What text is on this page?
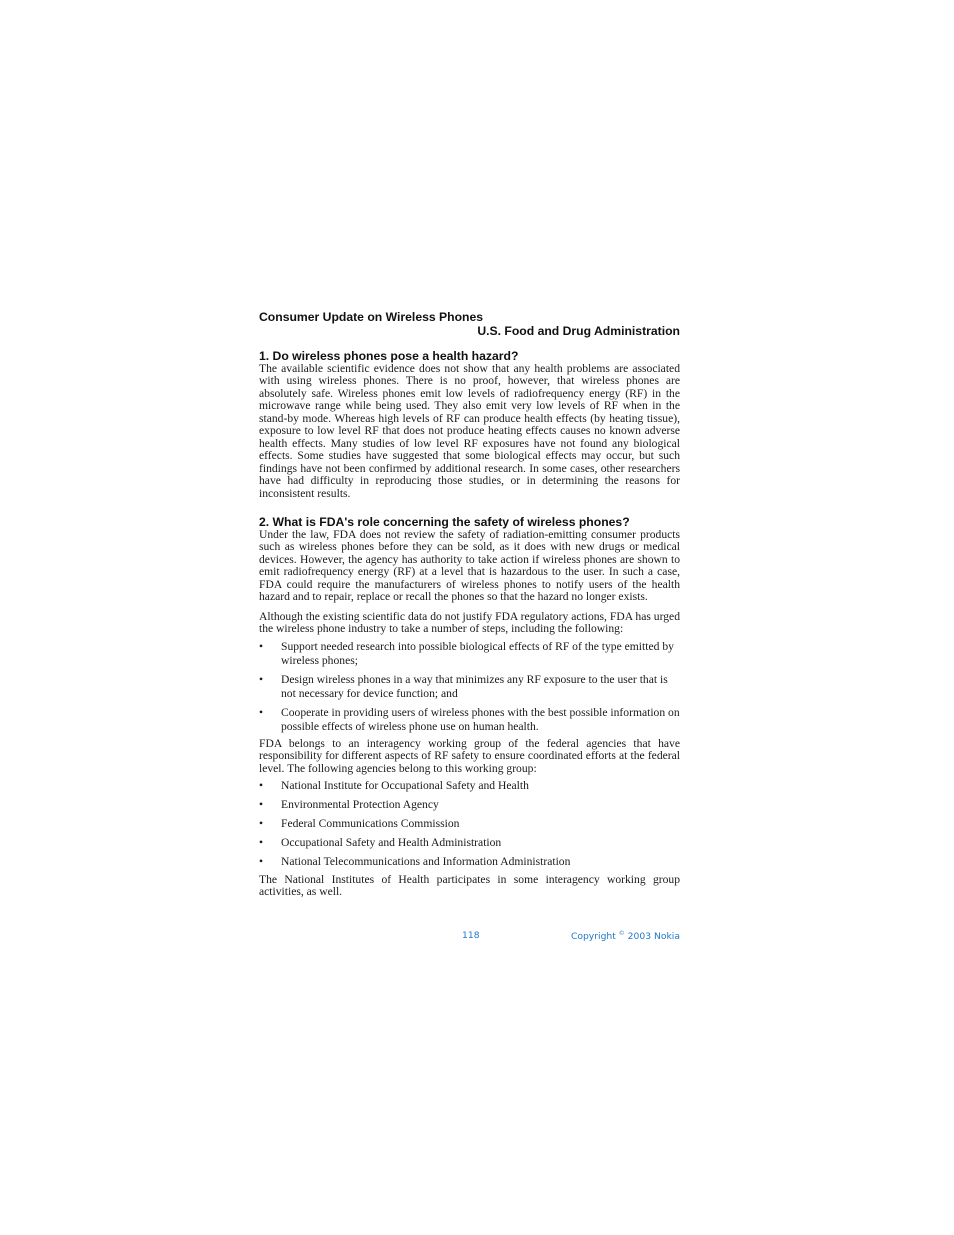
Consumer Update on Wireless Phones

U.S. Food and Drug Administration

1. Do wireless phones pose a health hazard?

The available scientific evidence does not show that any health problems are associated with using wireless phones. There is no proof, however, that wireless phones are absolutely safe. Wireless phones emit low levels of radiofrequency energy (RF) in the microwave range while being used. They also emit very low levels of RF when in the stand-by mode. Whereas high levels of RF can produce health effects (by heating tissue), exposure to low level RF that does not produce heating effects causes no known adverse health effects. Many studies of low level RF exposures have not found any biological effects. Some studies have suggested that some biological effects may occur, but such findings have not been confirmed by additional research. In some cases, other researchers have had difficulty in reproducing those studies, or in determining the reasons for inconsistent results.

2. What is FDA's role concerning the safety of wireless phones?

Under the law, FDA does not review the safety of radiation-emitting consumer products such as wireless phones before they can be sold, as it does with new drugs or medical devices. However, the agency has authority to take action if wireless phones are shown to emit radiofrequency energy (RF) at a level that is hazardous to the user. In such a case, FDA could require the manufacturers of wireless phones to notify users of the health hazard and to repair, replace or recall the phones so that the hazard no longer exists.

Although the existing scientific data do not justify FDA regulatory actions, FDA has urged the wireless phone industry to take a number of steps, including the following:

• Support needed research into possible biological effects of RF of the type emitted by wireless phones;
• Design wireless phones in a way that minimizes any RF exposure to the user that is not necessary for device function; and
• Cooperate in providing users of wireless phones with the best possible information on possible effects of wireless phone use on human health.

FDA belongs to an interagency working group of the federal agencies that have responsibility for different aspects of RF safety to ensure coordinated efforts at the federal level. The following agencies belong to this working group:

• National Institute for Occupational Safety and Health
• Environmental Protection Agency
• Federal Communications Commission
• Occupational Safety and Health Administration
• National Telecommunications and Information Administration

The National Institutes of Health participates in some interagency working group activities, as well.

118	Copyright © 2003 Nokia
